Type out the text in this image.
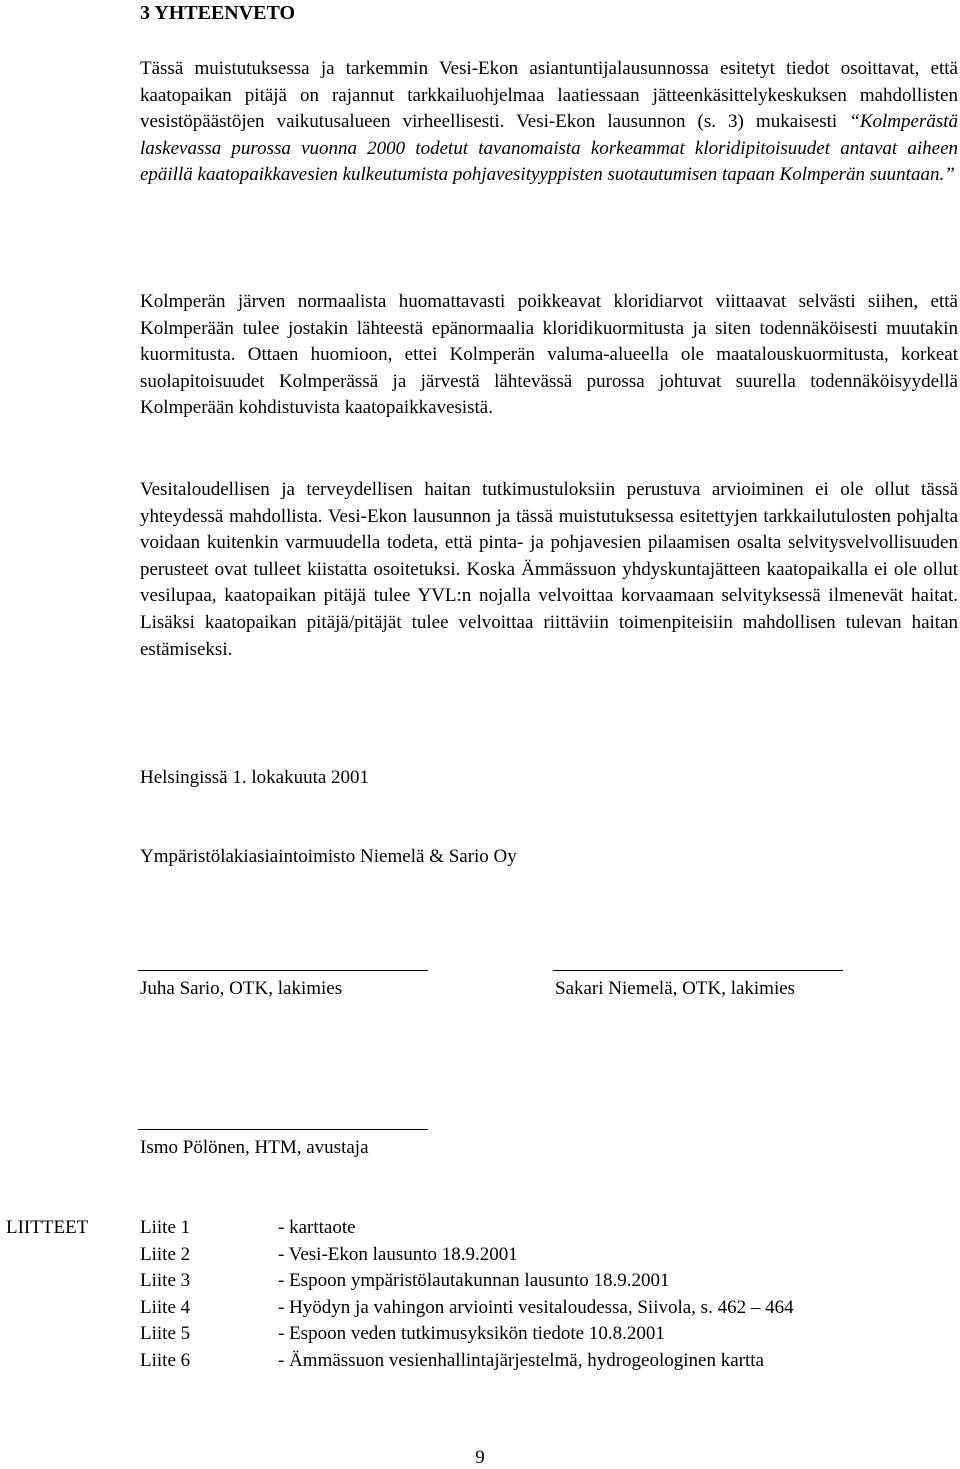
3 YHTEENVETO
Tässä muistutuksessa ja tarkemmin Vesi-Ekon asiantuntijalausunnossa esitetyt tiedot osoittavat, että kaatopaikan pitäjä on rajannut tarkkailuohjelmaa laatiessaan jätteenkäsittelykeskuksen mahdollisten vesistöpäästöjen vaikutusalueen virheellisesti. Vesi-Ekon lausunnon (s. 3) mukaisesti “Kolmperästä laskevassa purossa vuonna 2000 todetut tavanomaista korkeammat kloridipitoisuudet antavat aiheen epäillä kaatopaikkavesien kulkeutumista pohjavesityyppisten suotautumisen tapaan Kolmperän suuntaan.”
Kolmperän järven normaalista huomattavasti poikkeavat kloridiarvot viittaavat selvästi siihen, että Kolmperään tulee jostakin lähteestä epänormaalia kloridikuormitusta ja siten todennäköisesti muutakin kuormitusta. Ottaen huomioon, ettei Kolmperän valuma-alueella ole maatalouskuormitusta, korkeat suolapitoisuudet Kolmperässä ja järvestä lähtevässä purossa johtuvat suurella todennäköisyydellä Kolmperään kohdistuvista kaatopaikkavesistä.
Vesitaloudellisen ja terveydellisen haitan tutkimustuloksiin perustuva arvioiminen ei ole ollut tässä yhteydessä mahdollista. Vesi-Ekon lausunnon ja tässä muistutuksessa esitettyjen tarkkailutulosten pohjalta voidaan kuitenkin varmuudella todeta, että pinta- ja pohjavesien pilaamisen osalta selvitysvelvollisuuden perusteet ovat tulleet kiistatta osoitetuksi. Koska Ämmässuon yhdyskuntajätteen kaatopaikalla ei ole ollut vesilupaa, kaatopaikan pitäjä tulee YVL:n nojalla velvoittaa korvaamaan selvityksessä ilmenevät haitat. Lisäksi kaatopaikan pitäjä/pitäjät tulee velvoittaa riittäviin toimenpiteisiin mahdollisen tulevan haitan estämiseksi.
Helsingissä 1. lokakuuta 2001
Ympäristölakiasiaintoimisto Niemelä & Sario Oy
Juha Sario, OTK, lakimies	Sakari Niemelä, OTK, lakimies
Ismo Pölönen, HTM, avustaja
LIITTEET	Liite 1	- karttaote
Liite 2	- Vesi-Ekon lausunto 18.9.2001
Liite 3	- Espoon ympäristölautakunnan lausunto 18.9.2001
Liite 4	- Hyödyn ja vahingon arviointi vesitaloudessa, Siivola, s. 462 – 464
Liite 5	- Espoon veden tutkimusyksikön tiedote 10.8.2001
Liite 6	- Ämmässuon vesienhallintajärjestelmä, hydrogeologinen kartta
9
